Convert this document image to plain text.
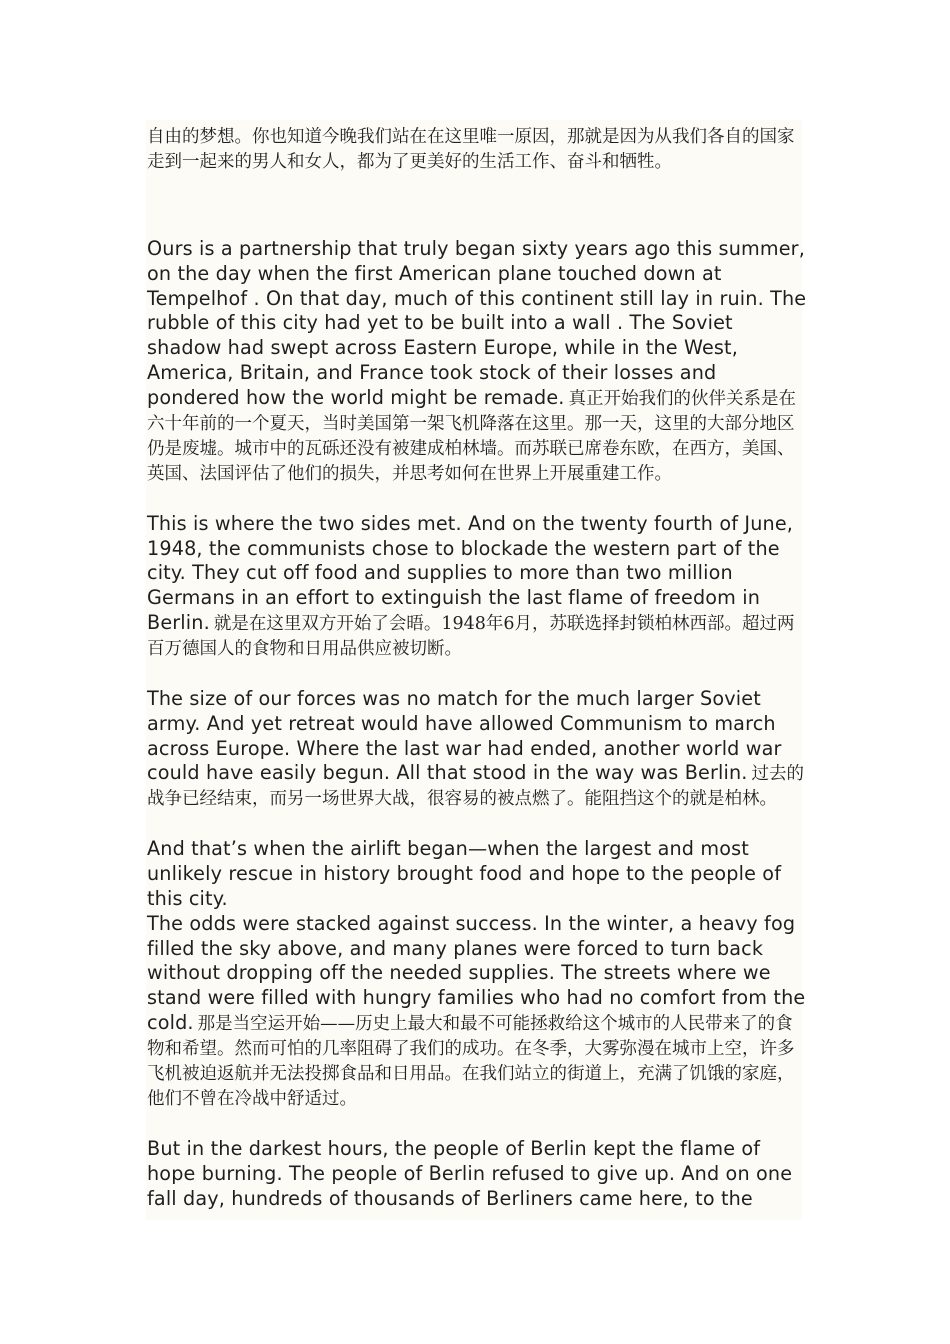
自由的梦想。你也知道今晚我们站在在这里唯一原因，那就是因为从我们各自的国家走到一起来的男人和女人，都为了更美好的生活工作、奋斗和牺牲。

Ours is a partnership that truly began sixty years ago this summer, on the day when the first American plane touched down at Tempelhof . On that day, much of this continent still lay in ruin. The rubble of this city had yet to be built into a wall . The Soviet shadow had swept across Eastern Europe, while in the West, America, Britain, and France took stock of their losses and pondered how the world might be remade. 真正开始我们的伙伴关系是在六十年前的一个夏天，当时美国第一架飞机降落在这里。那一天，这里的大部分地区仍是废墟。城市中的瓦砾还没有被建成柏林墙。而苏联已席卷东欧，在西方，美国、英国、法国评估了他们的损失，并思考如何在世界上开展重建工作。

This is where the two sides met. And on the twenty fourth of June, 1948, the communists chose to blockade the western part of the city. They cut off food and supplies to more than two million Germans in an effort to extinguish the last flame of freedom in Berlin. 就是在这里双方开始了会晤。1948年6月，苏联选择封锁柏林西部。超过两百万德国人的食物和日用品供应被切断。

The size of our forces was no match for the much larger Soviet army. And yet retreat would have allowed Communism to march across Europe. Where the last war had ended, another world war could have easily begun. All that stood in the way was Berlin. 过去的战争已经结束，而另一场世界大战，很容易的被点燃了。能阻挡这个的就是柏林。

And that’s when the airlift began—when the largest and most unlikely rescue in history brought food and hope to the people of this city.

The odds were stacked against success. In the winter, a heavy fog filled the sky above, and many planes were forced to turn back without dropping off the needed supplies. The streets where we stand were filled with hungry families who had no comfort from the cold. 那是当空运开始——历史上最大和最不可能拯救给这个城市的人民带来了的食物和希望。然而可怕的几率阻碍了我们的成功。在冬季，大雾弥漫在城市上空，许多飞机被迫返航并无法投掷食品和日用品。在我们站立的街道上，充满了饥饿的家庭，他们不曾在冷战中舒适过。

But in the darkest hours, the people of Berlin kept the flame of hope burning. The people of Berlin refused to give up. And on one fall day, hundreds of thousands of Berliners came here, to the
